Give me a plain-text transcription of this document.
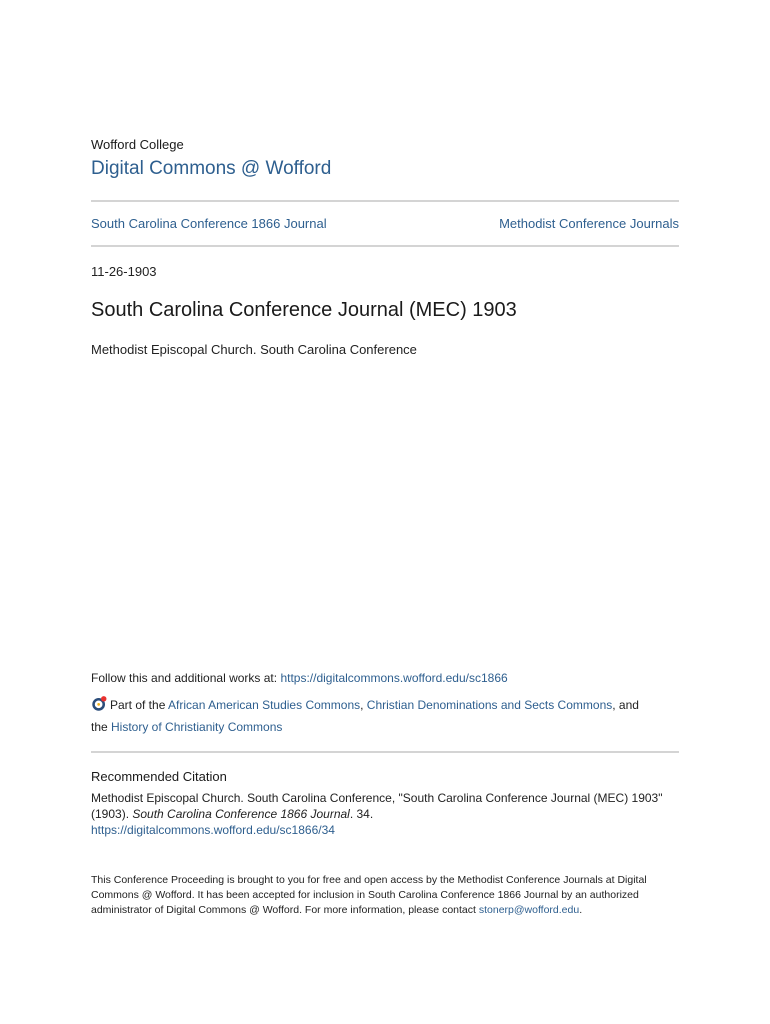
Wofford College
Digital Commons @ Wofford
South Carolina Conference 1866 Journal	Methodist Conference Journals
11-26-1903
South Carolina Conference Journal (MEC) 1903
Methodist Episcopal Church. South Carolina Conference
Follow this and additional works at: https://digitalcommons.wofford.edu/sc1866
Part of the African American Studies Commons, Christian Denominations and Sects Commons, and
the History of Christianity Commons
Recommended Citation
Methodist Episcopal Church. South Carolina Conference, "South Carolina Conference Journal (MEC) 1903" (1903). South Carolina Conference 1866 Journal. 34.
https://digitalcommons.wofford.edu/sc1866/34
This Conference Proceeding is brought to you for free and open access by the Methodist Conference Journals at Digital Commons @ Wofford. It has been accepted for inclusion in South Carolina Conference 1866 Journal by an authorized administrator of Digital Commons @ Wofford. For more information, please contact stonerp@wofford.edu.
